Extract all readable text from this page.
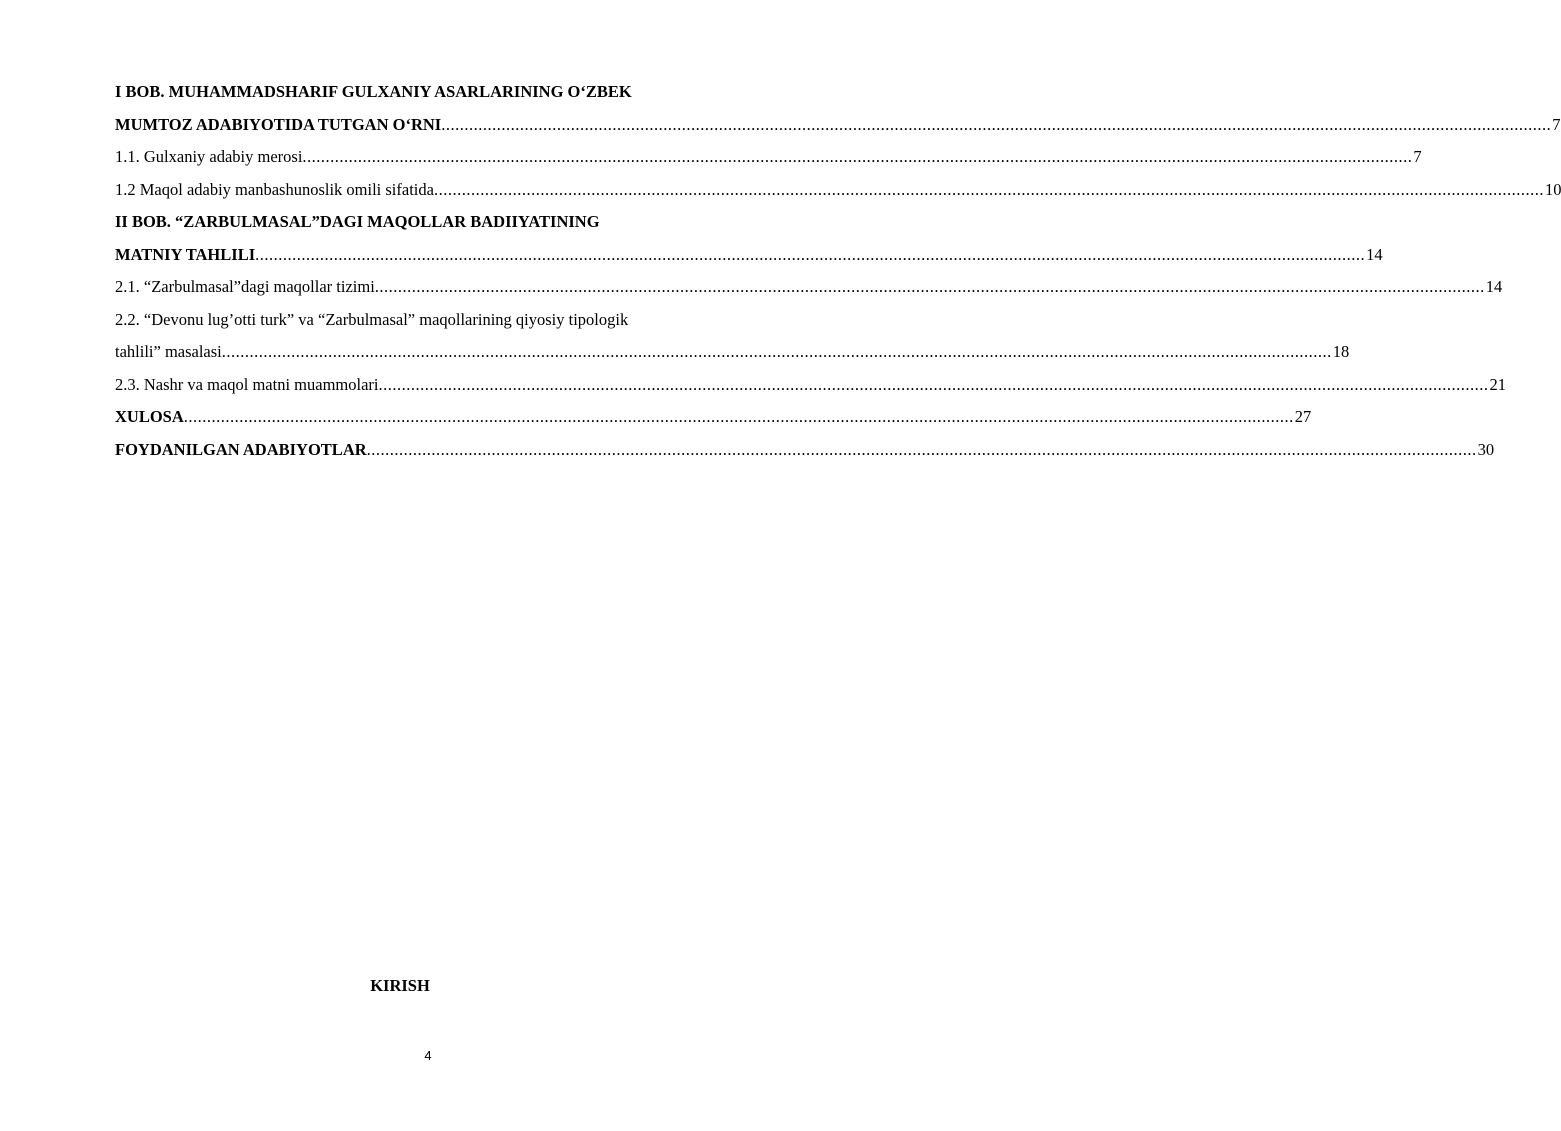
I BOB. MUHAMMADSHARIF GULXANIY ASARLARINING O‘ZBEK
MUMTOZ ADABIYOTIDA TUTGAN O‘RNI .....	7
1.1. Gulxaniy adabiy merosi .....	7
1.2 Maqol adabiy manbashunoslik omili sifatida .....	10
II BOB. “ZARBULMASAL”DAGI MAQOLLAR BADIIYATINING
MATNIY TAHLILI .....	14
2.1. “Zarbulmasal”dagi maqollar tizimi .....	14
2.2. “Devonu lug’otti turk” va “Zarbulmasal” maqollarining qiyosiy tipologik
tahlili” masalasi .....	18
2.3. Nashr va maqol matni muammolari .....	21
XULOSA .....	27
FOYDANILGAN ADABIYOTLAR .....	30
KIRISH
4
